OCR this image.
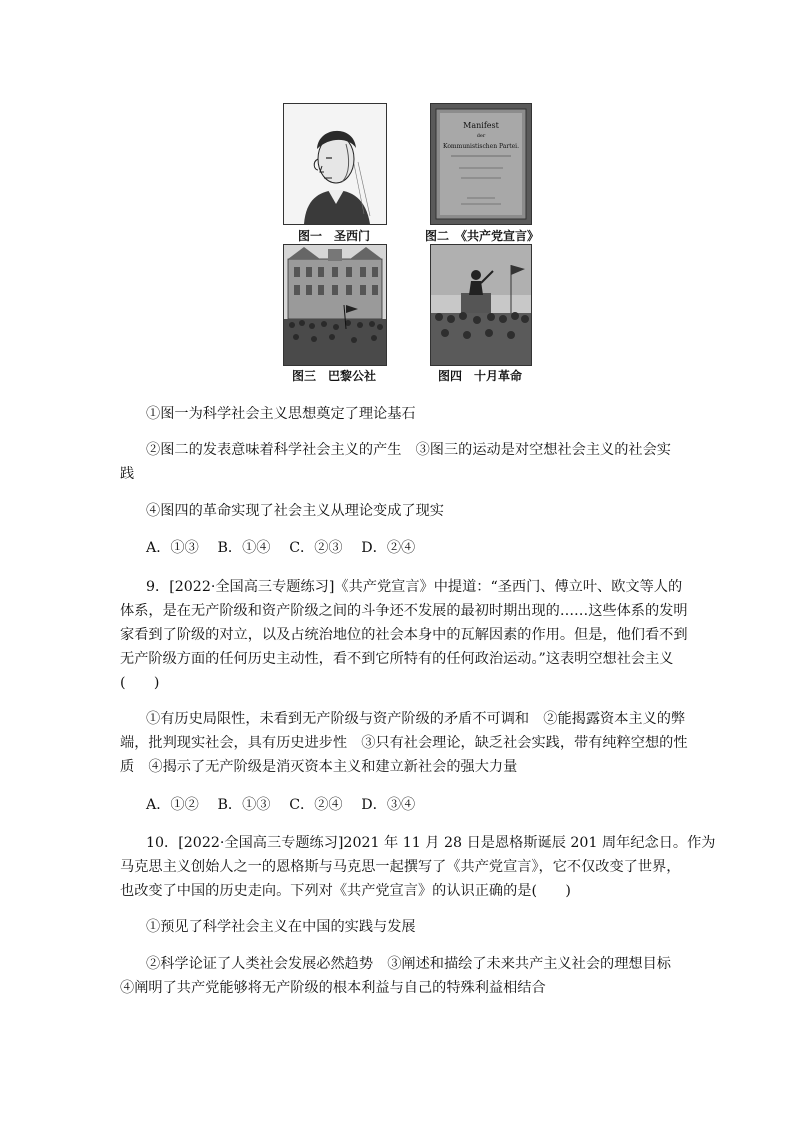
图一　圣西门
Manifest
der
Kommunistischen Partei.
图二　《共产党宣言》
图三　巴黎公社	图四　十月革命
①图一为科学社会主义思想奠定了理论基石
②图二的发表意味着科学社会主义的产生　③图三的运动是对空想社会主义的社会实
践
④图四的革命实现了社会主义从理论变成了现实
A．①③　 B．①④　 C．②③　 D．②④
9．[2022·全国高三专题练习]《共产党宣言》中提道：“圣西门、傅立叶、欧文等人的
体系，是在无产阶级和资产阶级之间的斗争还不发展的最初时期出现的……这些体系的发明
家看到了阶级的对立，以及占统治地位的社会本身中的瓦解因素的作用。但是，他们看不到
无产阶级方面的任何历史主动性，看不到它所特有的任何政治运动。”这表明空想社会主义
(　　)
①有历史局限性，未看到无产阶级与资产阶级的矛盾不可调和　②能揭露资本主义的弊
端，批判现实社会，具有历史进步性　③只有社会理论，缺乏社会实践，带有纯粹空想的性
质　④揭示了无产阶级是消灭资本主义和建立新社会的强大力量
A．①②　 B．①③　 C．②④　 D．③④
10．[2022·全国高三专题练习]2021 年 11 月 28 日是恩格斯诞辰 201 周年纪念日。作为
马克思主义创始人之一的恩格斯与马克思一起撰写了《共产党宣言》，它不仅改变了世界，
也改变了中国的历史走向。下列对《共产党宣言》的认识正确的是(　　)
①预见了科学社会主义在中国的实践与发展
②科学论证了人类社会发展必然趋势　③阐述和描绘了未来共产主义社会的理想目标
④阐明了共产党能够将无产阶级的根本利益与自己的特殊利益相结合
